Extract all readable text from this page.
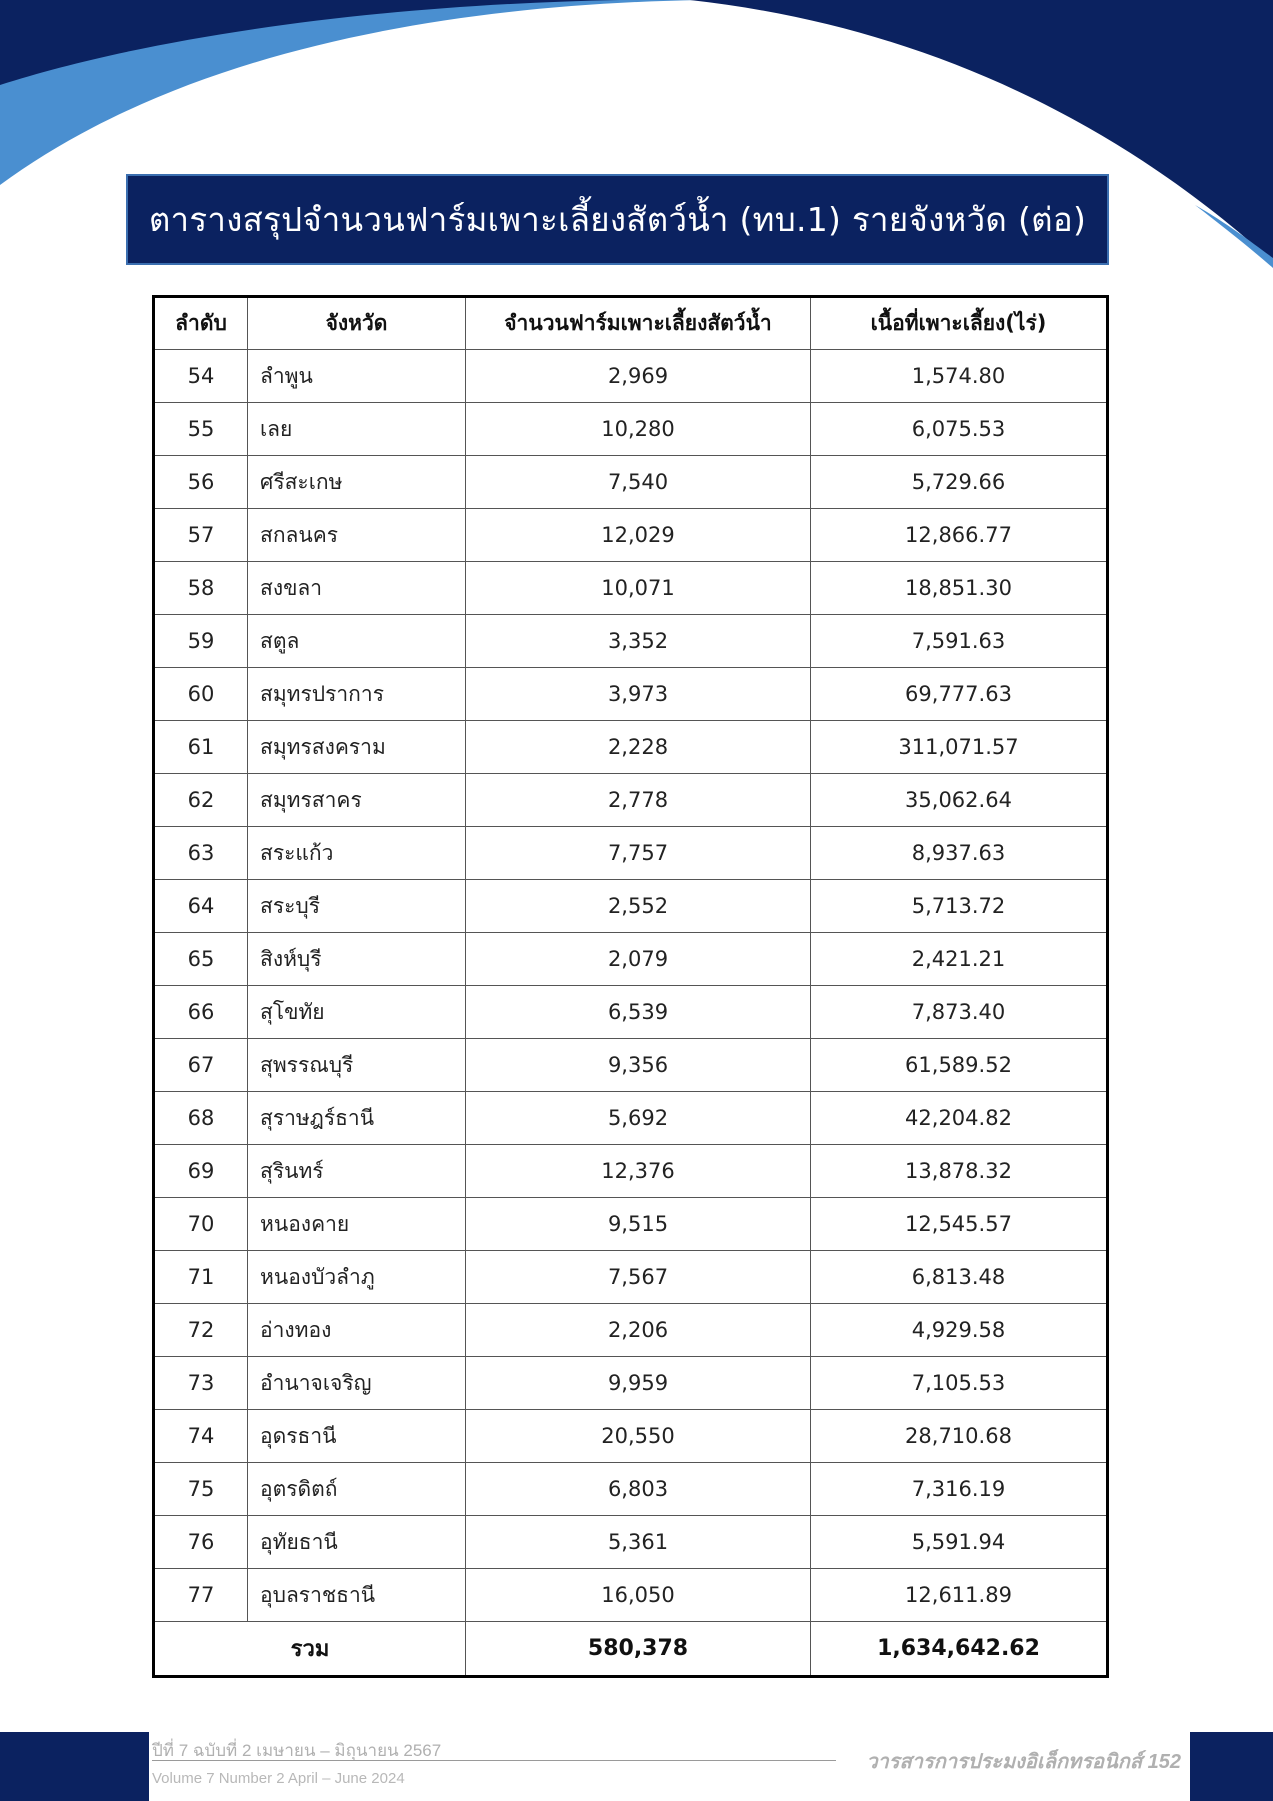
ตารางสรุปจำนวนฟาร์มเพาะเลี้ยงสัตว์น้ำ (ทบ.1) รายจังหวัด (ต่อ)
ลำดับ	จังหวัด	จำนวนฟาร์มเพาะเลี้ยงสัตว์น้ำ	เนื้อที่เพาะเลี้ยง(ไร่)
54	ลำพูน	2,969	1,574.80
55	เลย	10,280	6,075.53
56	ศรีสะเกษ	7,540	5,729.66
57	สกลนคร	12,029	12,866.77
58	สงขลา	10,071	18,851.30
59	สตูล	3,352	7,591.63
60	สมุทรปราการ	3,973	69,777.63
61	สมุทรสงคราม	2,228	311,071.57
62	สมุทรสาคร	2,778	35,062.64
63	สระแก้ว	7,757	8,937.63
64	สระบุรี	2,552	5,713.72
65	สิงห์บุรี	2,079	2,421.21
66	สุโขทัย	6,539	7,873.40
67	สุพรรณบุรี	9,356	61,589.52
68	สุราษฎร์ธานี	5,692	42,204.82
69	สุรินทร์	12,376	13,878.32
70	หนองคาย	9,515	12,545.57
71	หนองบัวลำภู	7,567	6,813.48
72	อ่างทอง	2,206	4,929.58
73	อำนาจเจริญ	9,959	7,105.53
74	อุดรธานี	20,550	28,710.68
75	อุตรดิตถ์	6,803	7,316.19
76	อุทัยธานี	5,361	5,591.94
77	อุบลราชธานี	16,050	12,611.89
รวม		580,378	1,634,642.62
ปีที่ 7 ฉบับที่ 2 เมษายน – มิถุนายน 2567
Volume 7 Number 2 April – June 2024
วารสารการประมงอิเล็กทรอนิกส์ 152
